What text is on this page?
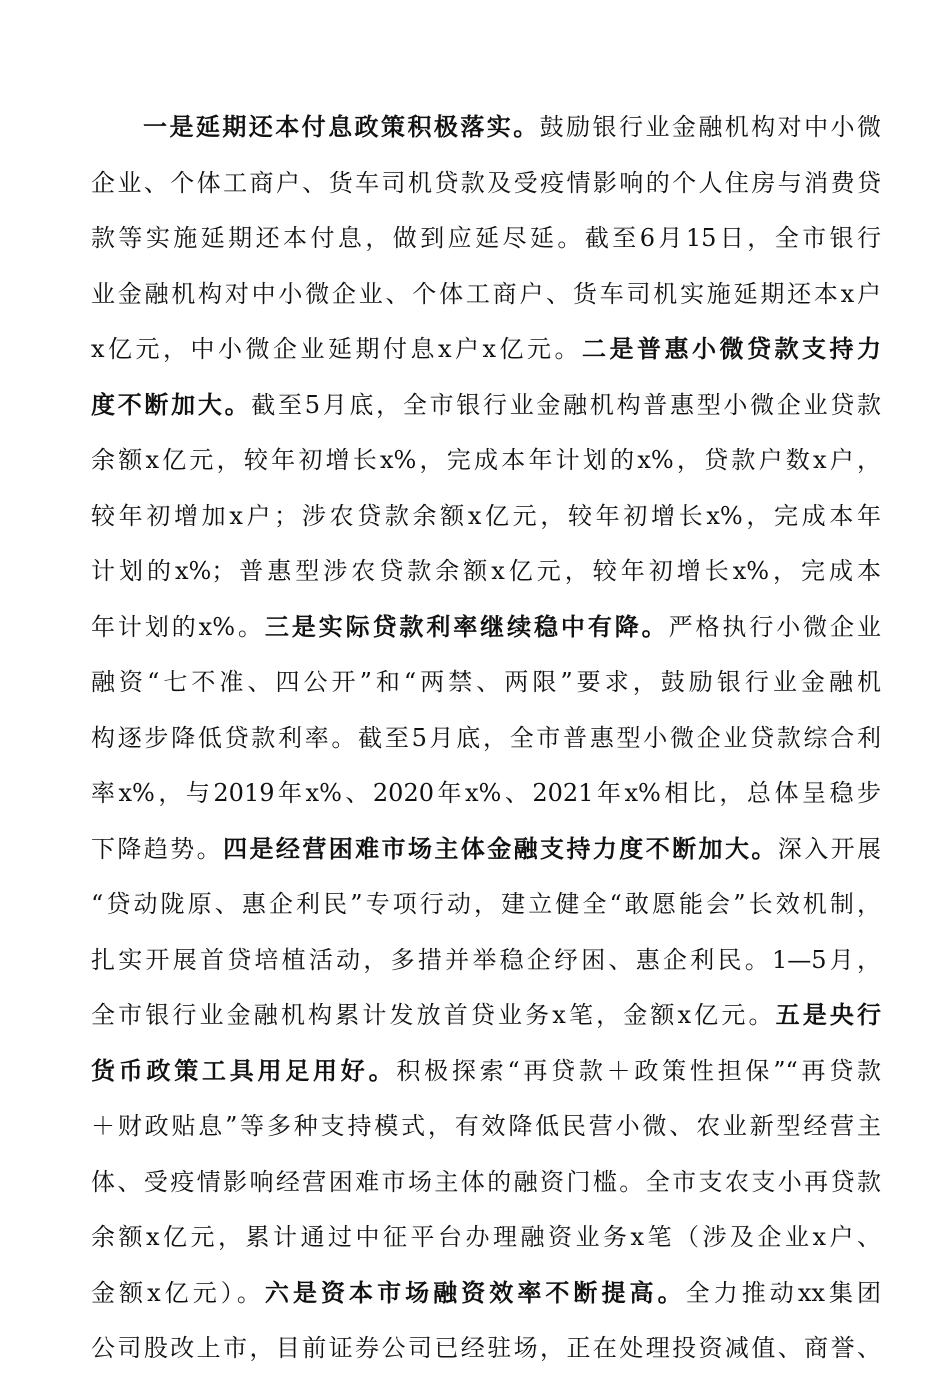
一是延期还本付息政策积极落实。鼓励银行业金融机构对中小微
企业、个体工商户、货车司机贷款及受疫情影响的个人住房与消费贷
款等实施延期还本付息，做到应延尽延。截至6月15日，全市银行
业金融机构对中小微企业、个体工商户、货车司机实施延期还本x户
x亿元，中小微企业延期付息x户x亿元。二是普惠小微贷款支持力
度不断加大。截至5月底，全市银行业金融机构普惠型小微企业贷款
余额x亿元，较年初增长x%，完成本年计划的x%，贷款户数x户，
较年初增加x户；涉农贷款余额x亿元，较年初增长x%，完成本年
计划的x%；普惠型涉农贷款余额x亿元，较年初增长x%，完成本
年计划的x%。三是实际贷款利率继续稳中有降。严格执行小微企业
融资“七不准、四公开”和“两禁、两限”要求，鼓励银行业金融机
构逐步降低贷款利率。截至5月底，全市普惠型小微企业贷款综合利
率x%，与2019年x%、2020年x%、2021年x%相比，总体呈稳步
下降趋势。四是经营困难市场主体金融支持力度不断加大。深入开展
“贷动陇原、惠企利民”专项行动，建立健全“敢愿能会”长效机制，
扎实开展首贷培植活动，多措并举稳企纾困、惠企利民。1—5月，
全市银行业金融机构累计发放首贷业务x笔，金额x亿元。五是央行
货币政策工具用足用好。积极探索“再贷款＋政策性担保”“再贷款
＋财政贴息”等多种支持模式，有效降低民营小微、农业新型经营主
体、受疫情影响经营困难市场主体的融资门槛。全市支农支小再贷款
余额x亿元，累计通过中征平台办理融资业务x笔（涉及企业x户、
金额x亿元）。六是资本市场融资效率不断提高。全力推动xx集团
公司股改上市，目前证券公司已经驻场，正在处理投资减值、商誉、
